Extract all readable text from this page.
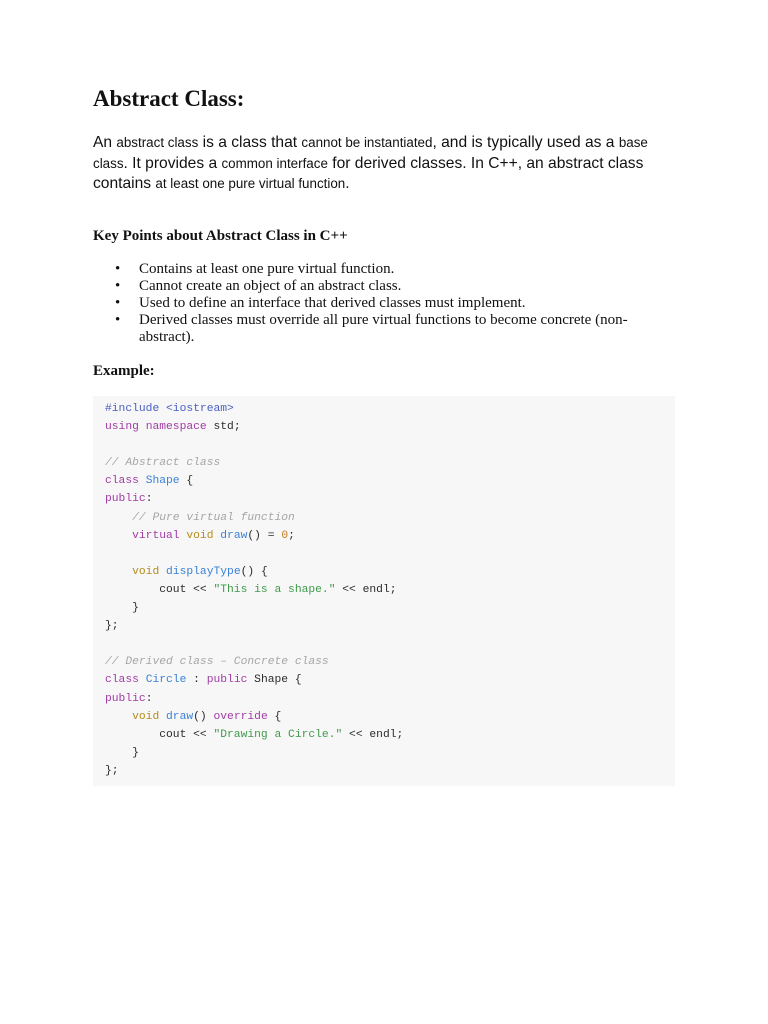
Abstract Class:

An abstract class is a class that cannot be instantiated, and is typically used as a base class. It provides a common interface for derived classes. In C++, an abstract class contains at least one pure virtual function.

Key Points about Abstract Class in C++
• Contains at least one pure virtual function.
• Cannot create an object of an abstract class.
• Used to define an interface that derived classes must implement.
• Derived classes must override all pure virtual functions to become concrete (non-abstract).
Example:
#include <iostream>
using namespace std;

// Abstract class
class Shape {
public:
// Pure virtual function
virtual void draw() = 0;

void displayType() {
cout << "This is a shape." << endl;
}
};

// Derived class – Concrete class
class Circle : public Shape {
public:
void draw() override {
cout << "Drawing a Circle." << endl;
}
};
